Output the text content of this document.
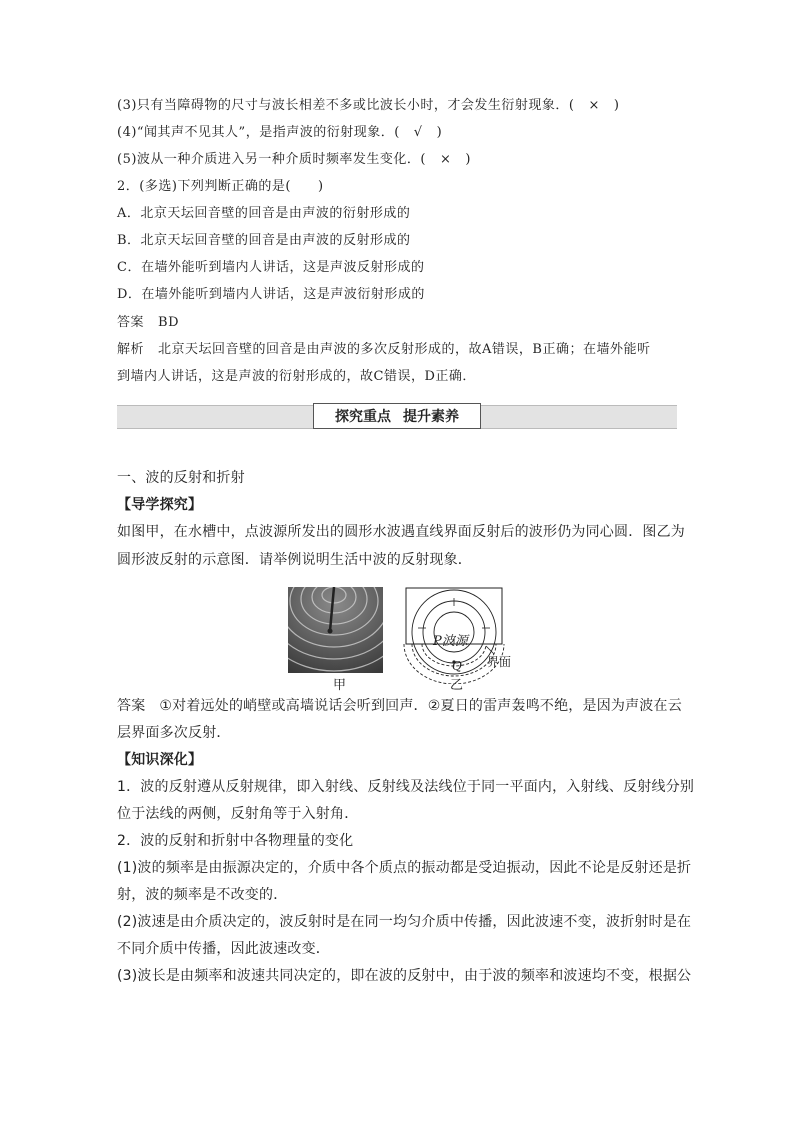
(3)只有当障碍物的尺寸与波长相差不多或比波长小时，才会发生衍射现象．( × )
(4)“闻其声不见其人”，是指声波的衍射现象．( √ )
(5)波从一种介质进入另一种介质时频率发生变化．( × )
2．(多选)下列判断正确的是(　　)
A．北京天坛回音壁的回音是由声波的衍射形成的
B．北京天坛回音壁的回音是由声波的反射形成的
C．在墙外能听到墙内人讲话，这是声波反射形成的
D．在墙外能听到墙内人讲话，这是声波衍射形成的
答案 BD
解析 北京天坛回音壁的回音是由声波的多次反射形成的，故A错误，B正确；在墙外能听
到墙内人讲话，这是声波的衍射形成的，故C错误，D正确．
探究重点 提升素养
一、波的反射和折射
【导学探究】
如图甲，在水槽中，点波源所发出的圆形水波遇直线界面反射后的波形仍为同心圆．图乙为
圆形波反射的示意图．请举例说明生活中波的反射现象．
P波源
Q 界面
甲	乙
答案 ①对着远处的峭壁或高墙说话会听到回声．②夏日的雷声轰鸣不绝，是因为声波在云
层界面多次反射．
【知识深化】
1．波的反射遵从反射规律，即入射线、反射线及法线位于同一平面内，入射线、反射线分别
位于法线的两侧，反射角等于入射角．
2．波的反射和折射中各物理量的变化
(1)波的频率是由振源决定的，介质中各个质点的振动都是受迫振动，因此不论是反射还是折
射，波的频率是不改变的．
(2)波速是由介质决定的，波反射时是在同一均匀介质中传播，因此波速不变，波折射时是在
不同介质中传播，因此波速改变．
(3)波长是由频率和波速共同决定的，即在波的反射中，由于波的频率和波速均不变，根据公
